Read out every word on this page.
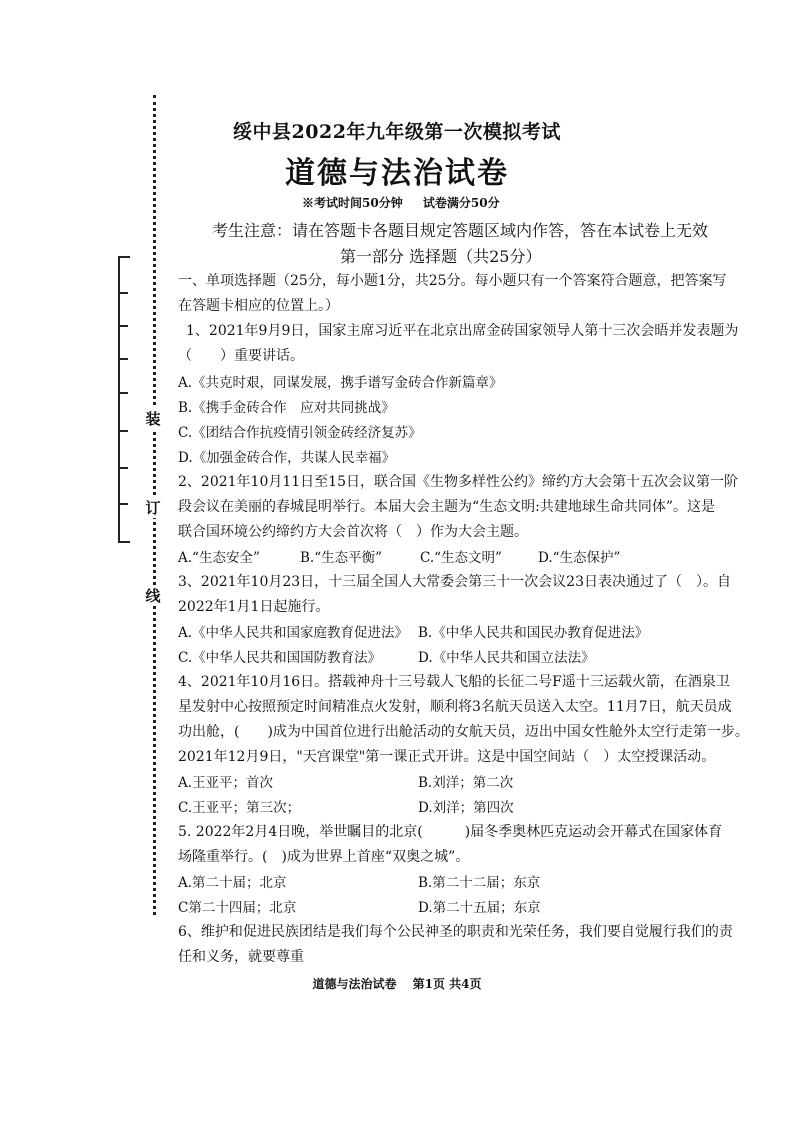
装
订
线
绥中县2022年九年级第一次模拟考试
道德与法治试卷
※考试时间50分钟 试卷满分50分
考生注意：请在答题卡各题目规定答题区域内作答，答在本试卷上无效
第一部分 选择题（共25分）
一、单项选择题（25分，每小题1分，共25分。每小题只有一个答案符合题意，把答案写
在答题卡相应的位置上。）
1、2021年9月9日，国家主席习近平在北京出席金砖国家领导人第十三次会晤并发表题为
（　　）重要讲话。
A.《共克时艰，同谋发展，携手谱写金砖合作新篇章》
B.《携手金砖合作　应对共同挑战》
C.《团结合作抗疫情引领金砖经济复苏》
D.《加强金砖合作，共谋人民幸福》
2、2021年10月11日至15日，联合国《生物多样性公约》缔约方大会第十五次会议第一阶
段会议在美丽的春城昆明举行。本届大会主题为“生态文明:共建地球生命共同体”。这是
联合国环境公约缔约方大会首次将（　）作为大会主题。
A.“生态安全”	B.“生态平衡”	C.“生态文明”	D.“生态保护”
3、2021年10月23日，十三届全国人大常委会第三十一次会议23日表决通过了（　）。自
2022年1月1日起施行。
A.《中华人民共和国家庭教育促进法》 B.《中华人民共和国民办教育促进法》
C.《中华人民共和国国防教育法》	D.《中华人民共和国立法法》
4、2021年10月16日。搭载神舟十三号载人飞船的长征二号F遥十三运载火箭，在酒泉卫
星发射中心按照预定时间精准点火发射，顺利将3名航天员送入太空。11月7日，航天员成
功出舱，(　　)成为中国首位进行出舱活动的女航天员，迈出中国女性舱外太空行走第一步。
2021年12月9日，"天宫课堂"第一课正式开讲。这是中国空间站（　）太空授课活动。
A.王亚平；首次	B.刘洋；第二次
C.王亚平；第三次；	D.刘洋；第四次
5. 2022年2月4日晚，举世瞩目的北京(　　　)届冬季奥林匹克运动会开幕式在国家体育
场隆重举行。(　)成为世界上首座“双奥之城”。
A.第二十届；北京	B.第二十二届；东京
C第二十四届；北京	D.第二十五届；东京
6、维护和促进民族团结是我们每个公民神圣的职责和光荣任务，我们要自觉履行我们的责
任和义务，就要尊重
道德与法治试卷 第1页 共4页
